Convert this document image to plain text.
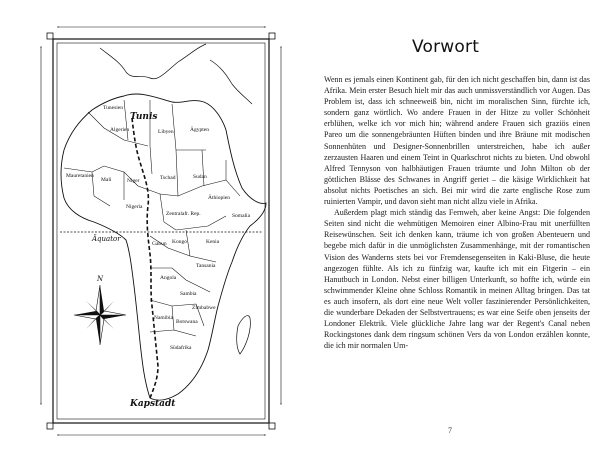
Tunis
Tunesien
Algerien	Libyen	Ägypten
Mauretanien
Mali	Niger	Tschad	Sudan
Nigeria
Äthiopien
Somalia
Zentralafr. Rep.
Kongo	Kenia
Gabun
Tansania
Angola
Sambia
Zimbabwe
Namibia
Botswana
Südafrika
Äquator
Kapstadt
N
Vorwort

Wenn es jemals einen Kontinent gab, für den ich nicht geschaffen bin, dann ist das Afrika. Mein erster Besuch hielt mir das auch unmissverständlich vor Augen. Das Problem ist, dass ich schneeweiß bin, nicht im moralischen Sinn, fürchte ich, sondern ganz wörtlich. Wo andere Frauen in der Hitze zu voller Schönheit erblühen, welke ich vor mich hin; während andere Frauen sich graziös einen Pareo um die sonnengebräunten Hüften binden und ihre Bräune mit modischen Sonnenhüten und Designer-Sonnenbrillen unterstreichen, habe ich außer zerzausten Haaren und einem Teint in Quarkschrot nichts zu bieten. Und obwohl Alfred Tennyson von halbhäutigen Frauen träumte und John Milton ob der göttlichen Blässe des Schwanes in Angriff geriet – die käsige Wirklichkeit hat absolut nichts Poetisches an sich. Bei mir wird die zarte englische Rose zum ruinierten Vampir, und davon sieht man nicht allzu viele in Afrika.

Außerdem plagt mich ständig das Fernweh, aber keine Angst: Die folgenden Seiten sind nicht die wehmütigen Memoiren einer Albino-Frau mit unerfüllten Reisewünschen. Seit ich denken kann, träume ich von großen Abenteuern und begebe mich dafür in die unmöglichsten Zusammenhänge, mit der romantischen Vision des Wanderns stets bei vor Fremdensegenseiten in Kaki-Bluse, die heute angezogen fühlte. Als ich zu fünfzig war, kaufte ich mit ein Fitgerin – ein Hanutbuch in London. Nebst einer billigen Unterkunft, so hoffte ich, würde ein schwimmender Kleine ohne Schloss Romantik in meinen Alltag bringen. Das tat es auch insofern, als dort eine neue Welt voller faszinierender Persönlichkeiten, die wunderbare Dekaden der Selbstvertrauens; es war eine Seife oben jenseits der Londoner Elektrik. Viele glückliche Jahre lang war der Regent's Canal neben Rockingstones dank dem ringsum schönen Vers da von London erzählen konnte, die ich mir normalen Um-

7
